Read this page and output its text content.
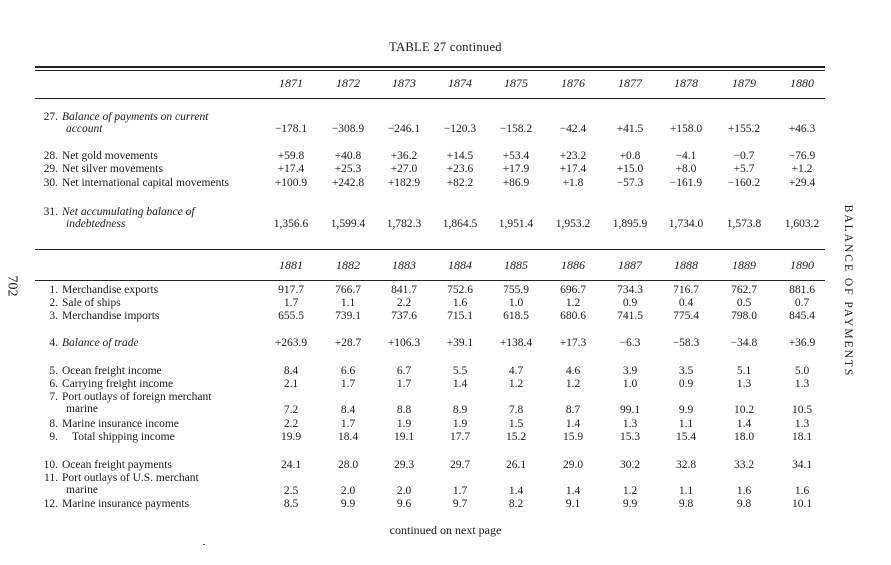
TABLE 27 continued
1871	1872	1873	1874	1875	1876	1877	1878	1879	1880
27. Balance of payments on current
account	−178.1	−308.9	−246.1	−120.3	−158.2	−42.4	+41.5	+158.0	+155.2	+46.3
28. Net gold movements	+59.8	+40.8	+36.2	+14.5	+53.4	+23.2	+0.8	−4.1	−0.7	−76.9
29. Net silver movements	+17.4	+25.3	+27.0	+23.6	+17.9	+17.4	+15.0	+8.0	+5.7	+1.2
30. Net international capital movements	+100.9	+242.8	+182.9	+82.2	+86.9	+1.8	−57.3	−161.9	−160.2	+29.4
31. Net accumulating balance of
indebtedness	1,356.6	1,599.4	1,782.3	1,864.5	1,951.4	1,953.2	1,895.9	1,734.0	1,573.8	1,603.2
1881	1882	1883	1884	1885	1886	1887	1888	1889	1890
1. Merchandise exports	917.7	766.7	841.7	752.6	755.9	696.7	734.3	716.7	762.7	881.6
2. Sale of ships	1.7	1.1	2.2	1.6	1.0	1.2	0.9	0.4	0.5	0.7
3. Merchandise imports	655.5	739.1	737.6	715.1	618.5	680.6	741.5	775.4	798.0	845.4
4. Balance of trade	+263.9	+28.7	+106.3	+39.1	+138.4	+17.3	−6.3	−58.3	−34.8	+36.9
5. Ocean freight income	8.4	6.6	6.7	5.5	4.7	4.6	3.9	3.5	5.1	5.0
6. Carrying freight income	2.1	1.7	1.7	1.4	1.2	1.2	1.0	0.9	1.3	1.3
7. Port outlays of foreign merchant
marine	7.2	8.4	8.8	8.9	7.8	8.7	99.1	9.9	10.2	10.5
8. Marine insurance income	2.2	1.7	1.9	1.9	1.5	1.4	1.3	1.1	1.4	1.3
9. Total shipping income	19.9	18.4	19.1	17.7	15.2	15.9	15.3	15.4	18.0	18.1
10. Ocean freight payments	24.1	28.0	29.3	29.7	26.1	29.0	30.2	32.8	33.2	34.1
11. Port outlays of U.S. merchant
marine	2.5	2.0	2.0	1.7	1.4	1.4	1.2	1.1	1.6	1.6
12. Marine insurance payments	8.5	9.9	9.6	9.7	8.2	9.1	9.9	9.8	9.8	10.1
continued on next page
702	BALANCE OF PAYMENTS
